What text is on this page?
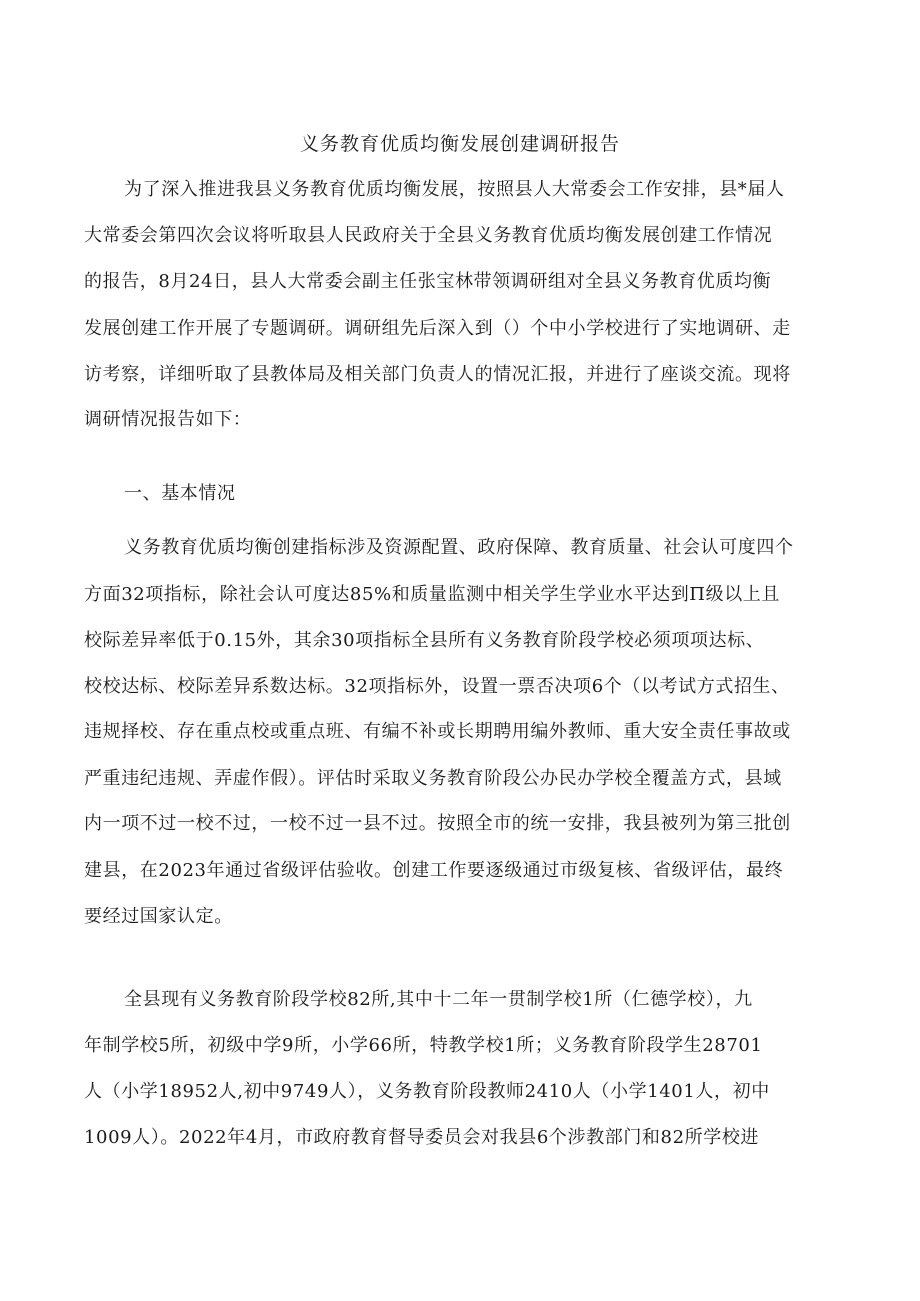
义务教育优质均衡发展创建调研报告

为了深入推进我县义务教育优质均衡发展，按照县人大常委会工作安排，县*届人

大常委会第四次会议将听取县人民政府关于全县义务教育优质均衡发展创建工作情况

的报告，8月24日，县人大常委会副主任张宝林带领调研组对全县义务教育优质均衡

发展创建工作开展了专题调研。调研组先后深入到（）个中小学校进行了实地调研、走

访考察，详细听取了县教体局及相关部门负责人的情况汇报，并进行了座谈交流。现将

调研情况报告如下：

一、基本情况

义务教育优质均衡创建指标涉及资源配置、政府保障、教育质量、社会认可度四个

方面32项指标，除社会认可度达85%和质量监测中相关学生学业水平达到Π级以上且

校际差异率低于0.15外，其余30项指标全县所有义务教育阶段学校必须项项达标、

校校达标、校际差异系数达标。32项指标外，设置一票否决项6个（以考试方式招生、

违规择校、存在重点校或重点班、有编不补或长期聘用编外教师、重大安全责任事故或

严重违纪违规、弄虚作假）。评估时采取义务教育阶段公办民办学校全覆盖方式，县域

内一项不过一校不过，一校不过一县不过。按照全市的统一安排，我县被列为第三批创

建县，在2023年通过省级评估验收。创建工作要逐级通过市级复核、省级评估，最终

要经过国家认定。

全县现有义务教育阶段学校82所,其中十二年一贯制学校1所（仁德学校），九

年制学校5所，初级中学9所，小学66所，特教学校1所；义务教育阶段学生28701

人（小学18952人,初中9749人），义务教育阶段教师2410人（小学1401人，初中

1009人）。2022年4月，市政府教育督导委员会对我县6个涉教部门和82所学校进
